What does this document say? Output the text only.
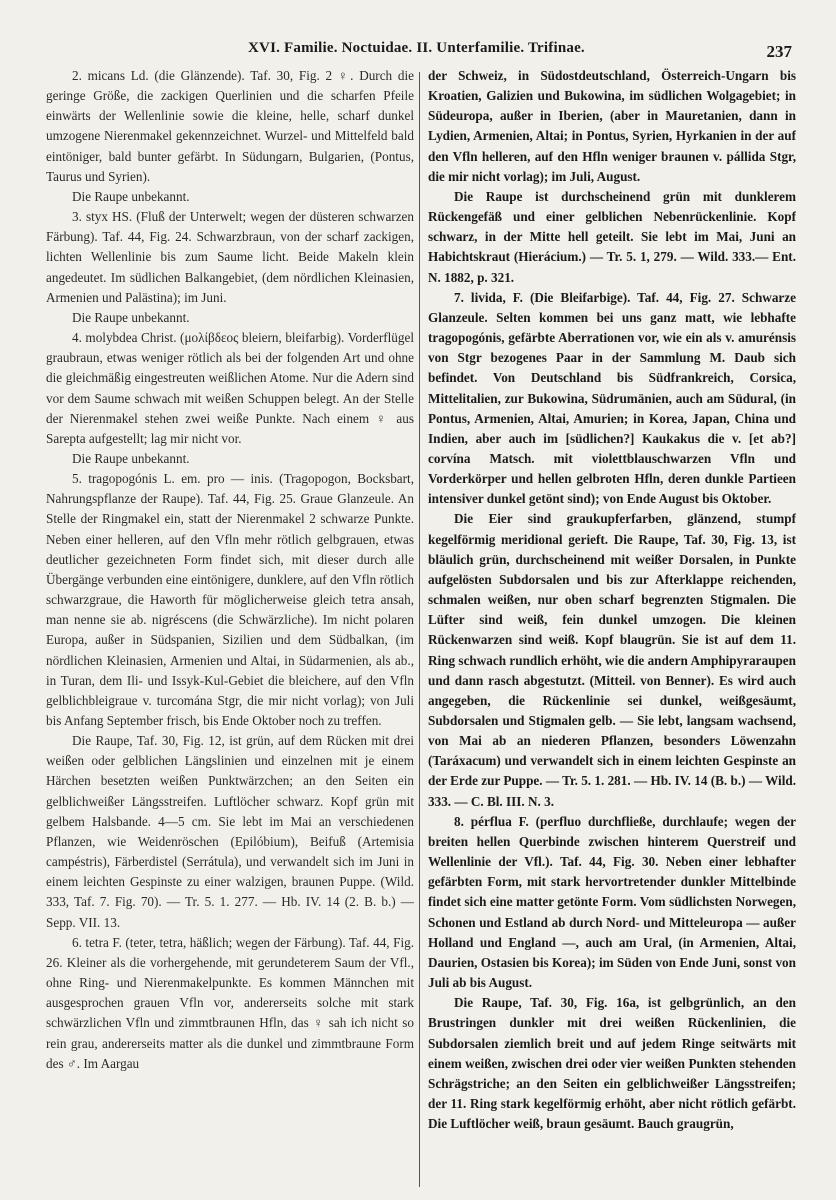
XVI. Familie. Noctuidae. II. Unterfamilie. Trifinae.	237

2. micans Ld. (die Glänzende). Taf. 30, Fig. 2 ♀. Durch die geringe Größe, die zackigen Querlinien und die scharfen Pfeile einwärts der Wellenlinie sowie die kleine, helle, scharf dunkel umzogene Nierenmakel gekennzeichnet. Wurzel- und Mittelfeld bald eintöniger, bald bunter gefärbt. In Südungarn, Bulgarien, (Pontus, Taurus und Syrien).

Die Raupe unbekannt.

3. styx HS. (Fluß der Unterwelt; wegen der düsteren schwarzen Färbung). Taf. 44, Fig. 24. Schwarzbraun, von der scharf zackigen, lichten Wellenlinie bis zum Saume licht. Beide Makeln klein angedeutet. Im südlichen Balkangebiet, (dem nördlichen Kleinasien, Armenien und Palästina); im Juni.

Die Raupe unbekannt.

4. molybdea Christ. (μολίβδεος bleiern, bleifarbig). Vorderflügel graubraun, etwas weniger rötlich als bei der folgenden Art und ohne die gleichmäßig eingestreuten weißlichen Atome. Nur die Adern sind vor dem Saume schwach mit weißen Schuppen belegt. An der Stelle der Nierenmakel stehen zwei weiße Punkte. Nach einem ♀ aus Sarepta aufgestellt; lag mir nicht vor.

Die Raupe unbekannt.

5. tragopogónis L. em. pro — inis. (Tragopogon, Bocksbart, Nahrungspflanze der Raupe). Taf. 44, Fig. 25. Graue Glanzeule. An Stelle der Ringmakel ein, statt der Nierenmakel 2 schwarze Punkte. Neben einer helleren, auf den Vfln mehr rötlich gelbgrauen, etwas deutlicher gezeichneten Form findet sich, mit dieser durch alle Übergänge verbunden eine eintönigere, dunklere, auf den Vfln rötlich schwarzgraue, die Haworth für möglicherweise gleich tetra ansah, man nenne sie ab. nigréscens (die Schwärzliche). Im nicht polaren Europa, außer in Südspanien, Sizilien und dem Südbalkan, (im nördlichen Kleinasien, Armenien und Altai, in Südarmenien, als ab., in Turan, dem Ili- und Issyk-Kul-Gebiet die bleichere, auf den Vfln gelblichbleigraue v. turcomána Stgr, die mir nicht vorlag); von Juli bis Anfang September frisch, bis Ende Oktober noch zu treffen.

Die Raupe, Taf. 30, Fig. 12, ist grün, auf dem Rücken mit drei weißen oder gelblichen Längslinien und einzelnen mit je einem Härchen besetzten weißen Punktwärzchen; an den Seiten ein gelblichweißer Längsstreifen. Luftlöcher schwarz. Kopf grün mit gelbem Halsbande. 4—5 cm. Sie lebt im Mai an verschiedenen Pflanzen, wie Weidenröschen (Epilóbium), Beifuß (Artemisia campéstris), Färberdistel (Serrátula), und verwandelt sich im Juni in einem leichten Gespinste zu einer walzigen, braunen Puppe. (Wild. 333, Taf. 7. Fig. 70). — Tr. 5. 1. 277. — Hb. IV. 14 (2. B. b.) — Sepp. VII. 13.

6. tetra F. (teter, tetra, häßlich; wegen der Färbung). Taf. 44, Fig. 26. Kleiner als die vorhergehende, mit gerundeterem Saum der Vfl., ohne Ring- und Nierenmakelpunkte. Es kommen Männchen mit ausgesprochen grauen Vfln vor, andererseits solche mit stark schwärzlichen Vfln und zimmtbraunen Hfln, das ♀ sah ich nicht so rein grau, andererseits matter als die dunkel und zimmtbraune Form des ♂. Im Aargau

der Schweiz, in Südostdeutschland, Österreich-Ungarn bis Kroatien, Galizien und Bukowina, im südlichen Wolgagebiet; in Südeuropa, außer in Iberien, (aber in Mauretanien, dann in Lydien, Armenien, Altai; in Pontus, Syrien, Hyrkanien in der auf den Vfln helleren, auf den Hfln weniger braunen v. pállida Stgr, die mir nicht vorlag); im Juli, August.

Die Raupe ist durchscheinend grün mit dunklerem Rückengefäß und einer gelblichen Nebenrückenlinie. Kopf schwarz, in der Mitte hell geteilt. Sie lebt im Mai, Juni an Habichtskraut (Hierácium.) — Tr. 5. 1, 279. — Wild. 333.— Ent. N. 1882, p. 321.

7. livida, F. (Die Bleifarbige). Taf. 44, Fig. 27. Schwarze Glanzeule. Selten kommen bei uns ganz matt, wie lebhafte tragopogónis, gefärbte Aberrationen vor, wie ein als v. amurénsis von Stgr bezogenes Paar in der Sammlung M. Daub sich befindet. Von Deutschland bis Südfrankreich, Corsica, Mittelitalien, zur Bukowina, Südrumänien, auch am Südural, (in Pontus, Armenien, Altai, Amurien; in Korea, Japan, China und Indien, aber auch im [südlichen?] Kaukakus die v. [et ab?] corvína Matsch. mit violettblauschwarzen Vfln und Vorderkörper und hellen gelbroten Hfln, deren dunkle Partieen intensiver dunkel getönt sind); von Ende August bis Oktober.

Die Eier sind graukupferfarben, glänzend, stumpf kegelförmig meridional gerieft. Die Raupe, Taf. 30, Fig. 13, ist bläulich grün, durchscheinend mit weißer Dorsalen, in Punkte aufgelösten Subdorsalen und bis zur Afterklappe reichenden, schmalen weißen, nur oben scharf begrenzten Stigmalen. Die Lüfter sind weiß, fein dunkel umzogen. Die kleinen Rückenwarzen sind weiß. Kopf blaugrün. Sie ist auf dem 11. Ring schwach rundlich erhöht, wie die andern Amphipyraraupen und dann rasch abgestutzt. (Mitteil. von Benner). Es wird auch angegeben, die Rückenlinie sei dunkel, weißgesäumt, Subdorsalen und Stigmalen gelb. — Sie lebt, langsam wachsend, von Mai ab an niederen Pflanzen, besonders Löwenzahn (Taráxacum) und verwandelt sich in einem leichten Gespinste an der Erde zur Puppe. — Tr. 5. 1. 281. — Hb. IV. 14 (B. b.) — Wild. 333. — C. Bl. III. N. 3.

8. pérflua F. (perfluo durchfließe, durchlaufe; wegen der breiten hellen Querbinde zwischen hinterem Querstreif und Wellenlinie der Vfl.). Taf. 44, Fig. 30. Neben einer lebhafter gefärbten Form, mit stark hervortretender dunkler Mittelbinde findet sich eine matter getönte Form. Vom südlichsten Norwegen, Schonen und Estland ab durch Nord- und Mitteleuropa — außer Holland und England —, auch am Ural, (in Armenien, Altai, Daurien, Ostasien bis Korea); im Süden von Ende Juni, sonst von Juli ab bis August.

Die Raupe, Taf. 30, Fig. 16a, ist gelbgrünlich, an den Brustringen dunkler mit drei weißen Rückenlinien, die Subdorsalen ziemlich breit und auf jedem Ringe seitwärts mit einem weißen, zwischen drei oder vier weißen Punkten stehenden Schrägstriche; an den Seiten ein gelblichweißer Längsstreifen; der 11. Ring stark kegelförmig erhöht, aber nicht rötlich gefärbt. Die Luftlöcher weiß, braun gesäumt. Bauch graugrün,
